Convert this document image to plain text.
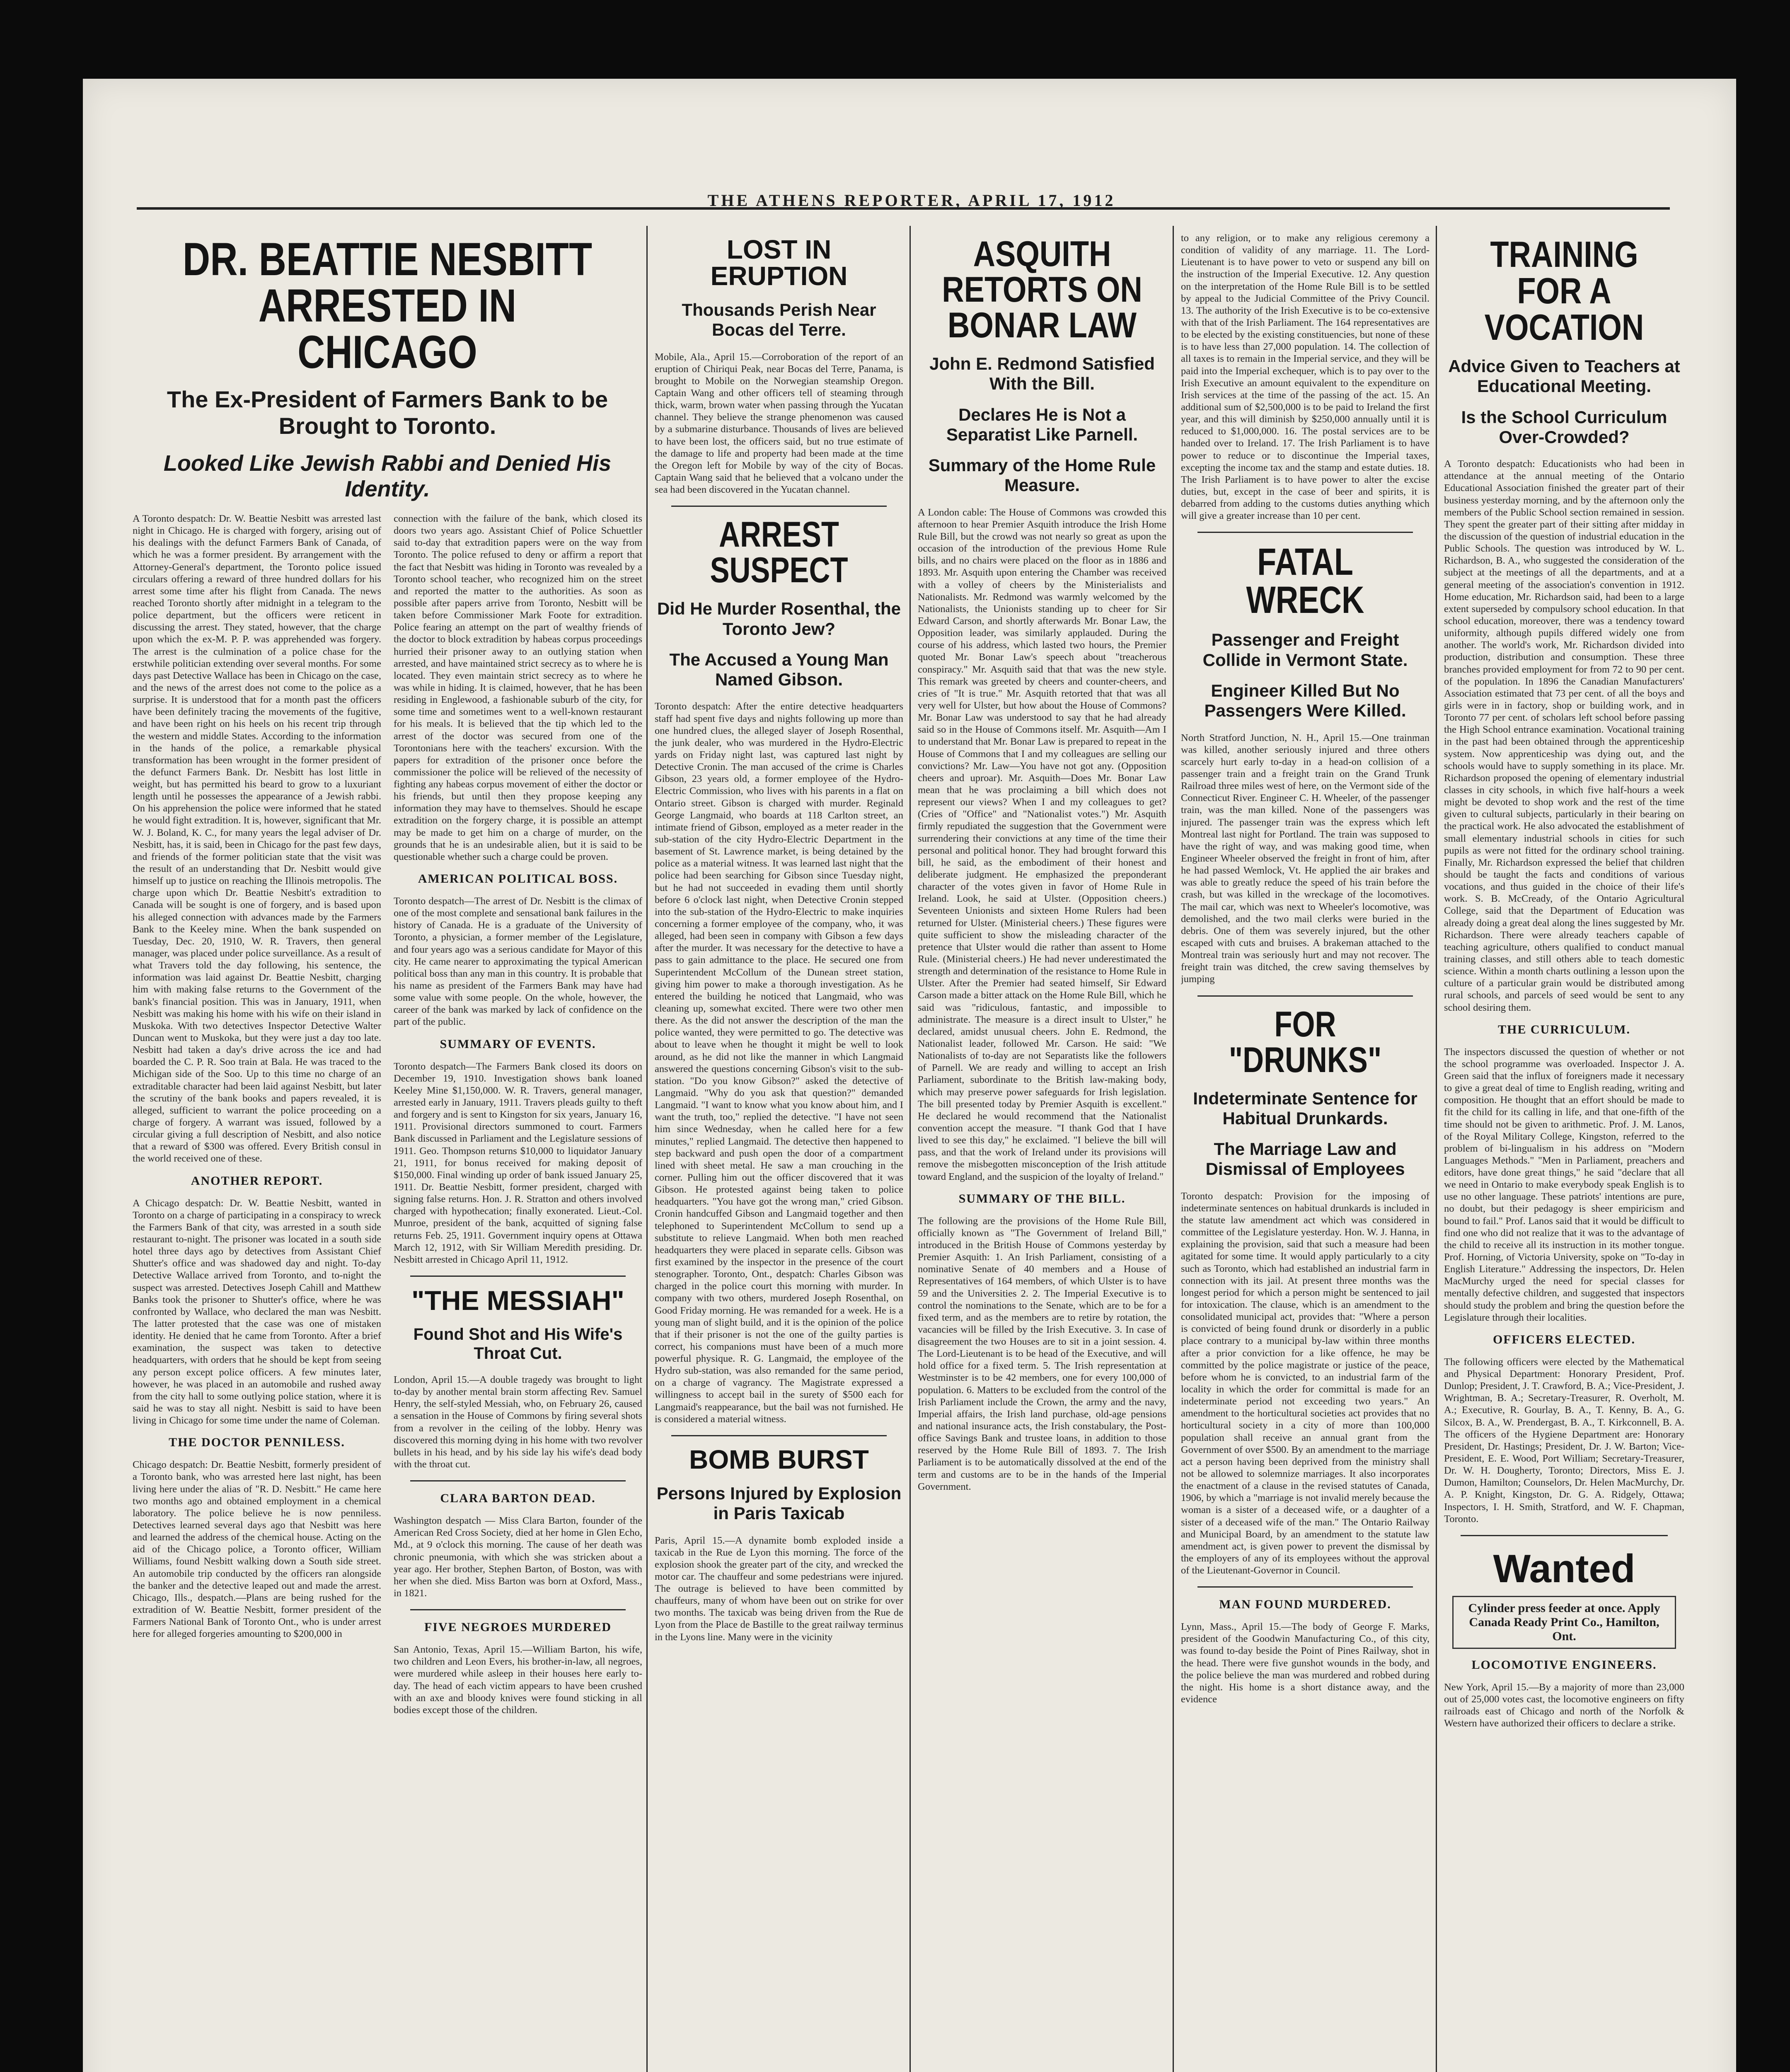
THE ATHENS REPORTER, APRIL 17, 1912
DR. BEATTIE NESBITT ARRESTED IN CHICAGO
The Ex-President of Farmers Bank to be Brought to Toronto.
Looked Like Jewish Rabbi and Denied His Identity.

A Toronto despatch: Dr. W. Beattie Nesbitt was arrested last night in Chicago. He is charged with forgery, arising out of his dealings with the defunct Farmers Bank of Canada, of which he was a former president. By arrangement with the Attorney-General's department, the Toronto police issued circulars offering a reward of three hundred dollars for his arrest some time after his flight from Canada. The news reached Toronto shortly after midnight in a telegram to the police department, but the officers were reticent in discussing the arrest. They stated, however, that the charge upon which the ex-M. P. P. was apprehended was forgery. The arrest is the culmination of a police chase for the erstwhile politician extending over several months. For some days past Detective Wallace has been in Chicago on the case, and the news of the arrest does not come to the police as a surprise. It is understood that for a month past the officers have been definitely tracing the movements of the fugitive, and have been right on his heels on his recent trip through the western and middle States. According to the information in the hands of the police, a remarkable physical transformation has been wrought in the former president of the defunct Farmers Bank. Dr. Nesbitt has lost little in weight, but has permitted his beard to grow to a luxuriant length until he possesses the appearance of a Jewish rabbi. On his apprehension the police were informed that he stated he would fight extradition. It is, however, significant that Mr. W. J. Boland, K. C., for many years the legal adviser of Dr. Nesbitt, has, it is said, been in Chicago for the past few days, and friends of the former politician state that the visit was the result of an understanding that Dr. Nesbitt would give himself up to justice on reaching the Illinois metropolis. The charge upon which Dr. Beattie Nesbitt's extradition to Canada will be sought is one of forgery, and is based upon his alleged connection with advances made by the Farmers Bank to the Keeley mine. When the bank suspended on Tuesday, Dec. 20, 1910, W. R. Travers, then general manager, was placed under police surveillance. As a result of what Travers told the day following, his sentence, the information was laid against Dr. Beattie Nesbitt, charging him with making false returns to the Government of the bank's financial position. This was in January, 1911, when Nesbitt was making his home with his wife on their island in Muskoka. With two detectives Inspector Detective Walter Duncan went to Muskoka, but they were just a day too late. Nesbitt had taken a day's drive across the ice and had boarded the C. P. R. Soo train at Bala. He was traced to the Michigan side of the Soo. Up to this time no charge of an extraditable character had been laid against Nesbitt, but later the scrutiny of the bank books and papers revealed, it is alleged, sufficient to warrant the police proceeding on a charge of forgery. A warrant was issued, followed by a circular giving a full description of Nesbitt, and also notice that a reward of $300 was offered. Every British consul in the world received one of these.

ANOTHER REPORT.

A Chicago despatch: Dr. W. Beattie Nesbitt, wanted in Toronto on a charge of participating in a conspiracy to wreck the Farmers Bank of that city, was arrested in a south side restaurant to-night. The prisoner was located in a south side hotel three days ago by detectives from Assistant Chief Shutter's office and was shadowed day and night. To-day Detective Wallace arrived from Toronto, and to-night the suspect was arrested. Detectives Joseph Cahill and Matthew Banks took the prisoner to Shutter's office, where he was confronted by Wallace, who declared the man was Nesbitt. The latter protested that the case was one of mistaken identity. He denied that he came from Toronto. After a brief examination, the suspect was taken to detective headquarters, with orders that he should be kept from seeing any person except police officers. A few minutes later, however, he was placed in an automobile and rushed away from the city hall to some outlying police station, where it is said he was to stay all night. Nesbitt is said to have been living in Chicago for some time under the name of Coleman.

THE DOCTOR PENNILESS.

Chicago despatch: Dr. Beattie Nesbitt, formerly president of a Toronto bank, who was arrested here last night, has been living here under the alias of "R. D. Nesbitt." He came here two months ago and obtained employment in a chemical laboratory. The police believe he is now penniless. Detectives learned several days ago that Nesbitt was here and learned the address of the chemical house. Acting on the aid of the Chicago police, a Toronto officer, William Williams, found Nesbitt walking down a South side street. An automobile trip conducted by the officers ran alongside the banker and the detective leaped out and made the arrest. Chicago, Ills., despatch.—Plans are being rushed for the extradition of W. Beattie Nesbitt, former president of the Farmers National Bank of Toronto Ont., who is under arrest here for alleged forgeries amounting to $200,000 in

connection with the failure of the bank, which closed its doors two years ago. Assistant Chief of Police Schuettler said to-day that extradition papers were on the way from Toronto. The police refused to deny or affirm a report that the fact that Nesbitt was hiding in Toronto was revealed by a Toronto school teacher, who recognized him on the street and reported the matter to the authorities. As soon as possible after papers arrive from Toronto, Nesbitt will be taken before Commissioner Mark Foote for extradition. Police fearing an attempt on the part of wealthy friends of the doctor to block extradition by habeas corpus proceedings hurried their prisoner away to an outlying station when arrested, and have maintained strict secrecy as to where he is located. They even maintain strict secrecy as to where he was while in hiding. It is claimed, however, that he has been residing in Englewood, a fashionable suburb of the city, for some time and sometimes went to a well-known restaurant for his meals. It is believed that the tip which led to the arrest of the doctor was secured from one of the Torontonians here with the teachers' excursion. With the papers for extradition of the prisoner once before the commissioner the police will be relieved of the necessity of fighting any habeas corpus movement of either the doctor or his friends, but until then they propose keeping any information they may have to themselves. Should he escape extradition on the forgery charge, it is possible an attempt may be made to get him on a charge of murder, on the grounds that he is an undesirable alien, but it is said to be questionable whether such a charge could be proven.

AMERICAN POLITICAL BOSS.

Toronto despatch—The arrest of Dr. Nesbitt is the climax of one of the most complete and sensational bank failures in the history of Canada. He is a graduate of the University of Toronto, a physician, a former member of the Legislature, and four years ago was a serious candidate for Mayor of this city. He came nearer to approximating the typical American political boss than any man in this country. It is probable that his name as president of the Farmers Bank may have had some value with some people. On the whole, however, the career of the bank was marked by lack of confidence on the part of the public.

SUMMARY OF EVENTS.

Toronto despatch—The Farmers Bank closed its doors on December 19, 1910. Investigation shows bank loaned Keeley Mine $1,150,000. W. R. Travers, general manager, arrested early in January, 1911. Travers pleads guilty to theft and forgery and is sent to Kingston for six years, January 16, 1911. Provisional directors summoned to court. Farmers Bank discussed in Parliament and the Legislature sessions of 1911. Geo. Thompson returns $10,000 to liquidator January 21, 1911, for bonus received for making deposit of $150,000. Final winding up order of bank issued January 25, 1911. Dr. Beattie Nesbitt, former president, charged with signing false returns. Hon. J. R. Stratton and others involved charged with hypothecation; finally exonerated. Lieut.-Col. Munroe, president of the bank, acquitted of signing false returns Feb. 25, 1911. Government inquiry opens at Ottawa March 12, 1912, with Sir William Meredith presiding. Dr. Nesbitt arrested in Chicago April 11, 1912.

"THE MESSIAH"
Found Shot and His Wife's Throat Cut.

London, April 15.—A double tragedy was brought to light to-day by another mental brain storm affecting Rev. Samuel Henry, the self-styled Messiah, who, on February 26, caused a sensation in the House of Commons by firing several shots from a revolver in the ceiling of the lobby. Henry was discovered this morning dying in his home with two revolver bullets in his head, and by his side lay his wife's dead body with the throat cut.

CLARA BARTON DEAD.

Washington despatch — Miss Clara Barton, founder of the American Red Cross Society, died at her home in Glen Echo, Md., at 9 o'clock this morning. The cause of her death was chronic pneumonia, with which she was stricken about a year ago. Her brother, Stephen Barton, of Boston, was with her when she died. Miss Barton was born at Oxford, Mass., in 1821.

FIVE NEGROES MURDERED

San Antonio, Texas, April 15.—William Barton, his wife, two children and Leon Evers, his brother-in-law, all negroes, were murdered while asleep in their houses here early to-day. The head of each victim appears to have been crushed with an axe and bloody knives were found sticking in all bodies except those of the children.

LOST IN ERUPTION
Thousands Perish Near Bocas del Terre.

Mobile, Ala., April 15.—Corroboration of the report of an eruption of Chiriqui Peak, near Bocas del Terre, Panama, is brought to Mobile on the Norwegian steamship Oregon. Captain Wang and other officers tell of steaming through thick, warm, brown water when passing through the Yucatan channel. They believe the strange phenomenon was caused by a submarine disturbance. Thousands of lives are believed to have been lost, the officers said, but no true estimate of the damage to life and property had been made at the time the Oregon left for Mobile by way of the city of Bocas. Captain Wang said that he believed that a volcano under the sea had been discovered in the Yucatan channel.

ARREST SUSPECT
Did He Murder Rosenthal, the Toronto Jew?
The Accused a Young Man Named Gibson.

Toronto despatch: After the entire detective headquarters staff had spent five days and nights following up more than one hundred clues, the alleged slayer of Joseph Rosenthal, the junk dealer, who was murdered in the Hydro-Electric yards on Friday night last, was captured last night by Detective Cronin. The man accused of the crime is Charles Gibson, 23 years old, a former employee of the Hydro-Electric Commission, who lives with his parents in a flat on Ontario street. Gibson is charged with murder. Reginald George Langmaid, who boards at 118 Carlton street, an intimate friend of Gibson, employed as a meter reader in the sub-station of the city Hydro-Electric Department in the basement of St. Lawrence market, is being detained by the police as a material witness. It was learned last night that the police had been searching for Gibson since Tuesday night, but he had not succeeded in evading them until shortly before 6 o'clock last night, when Detective Cronin stepped into the sub-station of the Hydro-Electric to make inquiries concerning a former employee of the company, who, it was alleged, had been seen in company with Gibson a few days after the murder. It was necessary for the detective to have a pass to gain admittance to the place. He secured one from Superintendent McCollum of the Dunean street station, giving him power to make a thorough investigation. As he entered the building he noticed that Langmaid, who was cleaning up, somewhat excited. There were two other men there. As the did not answer the description of the man the police wanted, they were permitted to go. The detective was about to leave when he thought it might be well to look around, as he did not like the manner in which Langmaid answered the questions concerning Gibson's visit to the sub-station. "Do you know Gibson?" asked the detective of Langmaid. "Why do you ask that question?" demanded Langmaid. "I want to know what you know about him, and I want the truth, too," replied the detective. "I have not seen him since Wednesday, when he called here for a few minutes," replied Langmaid. The detective then happened to step backward and push open the door of a compartment lined with sheet metal. He saw a man crouching in the corner. Pulling him out the officer discovered that it was Gibson. He protested against being taken to police headquarters. "You have got the wrong man," cried Gibson. Cronin handcuffed Gibson and Langmaid together and then telephoned to Superintendent McCollum to send up a substitute to relieve Langmaid. When both men reached headquarters they were placed in separate cells. Gibson was first examined by the inspector in the presence of the court stenographer. Toronto, Ont., despatch: Charles Gibson was charged in the police court this morning with murder. In company with two others, murdered Joseph Rosenthal, on Good Friday morning. He was remanded for a week. He is a young man of slight build, and it is the opinion of the police that if their prisoner is not the one of the guilty parties is correct, his companions must have been of a much more powerful physique. R. G. Langmaid, the employee of the Hydro sub-station, was also remanded for the same period, on a charge of vagrancy. The Magistrate expressed a willingness to accept bail in the surety of $500 each for Langmaid's reappearance, but the bail was not furnished. He is considered a material witness.

BOMB BURST
Persons Injured by Explosion in Paris Taxicab

Paris, April 15.—A dynamite bomb exploded inside a taxicab in the Rue de Lyon this morning. The force of the explosion shook the greater part of the city, and wrecked the motor car. The chauffeur and some pedestrians were injured. The outrage is believed to have been committed by chauffeurs, many of whom have been out on strike for over two months. The taxicab was being driven from the Rue de Lyon from the Place de Bastille to the great railway terminus in the Lyons line. Many were in the vicinity

ASQUITH RETORTS ON BONAR LAW
John E. Redmond Satisfied With the Bill.
Declares He is Not a Separatist Like Parnell.
Summary of the Home Rule Measure.

A London cable: The House of Commons was crowded this afternoon to hear Premier Asquith introduce the Irish Home Rule Bill, but the crowd was not nearly so great as upon the occasion of the introduction of the previous Home Rule bills, and no chairs were placed on the floor as in 1886 and 1893. Mr. Asquith upon entering the Chamber was received with a volley of cheers by the Ministerialists and Nationalists. Mr. Redmond was warmly welcomed by the Nationalists, the Unionists standing up to cheer for Sir Edward Carson, and shortly afterwards Mr. Bonar Law, the Opposition leader, was similarly applauded. During the course of his address, which lasted two hours, the Premier quoted Mr. Bonar Law's speech about "treacherous conspiracy." Mr. Asquith said that that was the new style. This remark was greeted by cheers and counter-cheers, and cries of "It is true." Mr. Asquith retorted that that was all very well for Ulster, but how about the House of Commons? Mr. Bonar Law was understood to say that he had already said so in the House of Commons itself. Mr. Asquith—Am I to understand that Mr. Bonar Law is prepared to repeat in the House of Commons that I and my colleagues are selling our convictions? Mr. Law—You have not got any. (Opposition cheers and uproar). Mr. Asquith—Does Mr. Bonar Law mean that he was proclaiming a bill which does not represent our views? When I and my colleagues to get? (Cries of "Office" and "Nationalist votes.") Mr. Asquith firmly repudiated the suggestion that the Government were surrendering their convictions at any time of the time their personal and political honor. They had brought forward this bill, he said, as the embodiment of their honest and deliberate judgment. He emphasized the preponderant character of the votes given in favor of Home Rule in Ireland. Look, he said at Ulster. (Opposition cheers.) Seventeen Unionists and sixteen Home Rulers had been returned for Ulster. (Ministerial cheers.) These figures were quite sufficient to show the misleading character of the pretence that Ulster would die rather than assent to Home Rule. (Ministerial cheers.) He had never underestimated the strength and determination of the resistance to Home Rule in Ulster. After the Premier had seated himself, Sir Edward Carson made a bitter attack on the Home Rule Bill, which he said was "ridiculous, fantastic, and impossible to administrate. The measure is a direct insult to Ulster," he declared, amidst unusual cheers. John E. Redmond, the Nationalist leader, followed Mr. Carson. He said: "We Nationalists of to-day are not Separatists like the followers of Parnell. We are ready and willing to accept an Irish Parliament, subordinate to the British law-making body, which may preserve power safeguards for Irish legislation. The bill presented today by Premier Asquith is excellent." He declared he would recommend that the Nationalist convention accept the measure. "I thank God that I have lived to see this day," he exclaimed. "I believe the bill will pass, and that the work of Ireland under its provisions will remove the misbegotten misconception of the Irish attitude toward England, and the suspicion of the loyalty of Ireland."

SUMMARY OF THE BILL.

The following are the provisions of the Home Rule Bill, officially known as "The Government of Ireland Bill," introduced in the British House of Commons yesterday by Premier Asquith: 1. An Irish Parliament, consisting of a nominative Senate of 40 members and a House of Representatives of 164 members, of which Ulster is to have 59 and the Universities 2. 2. The Imperial Executive is to control the nominations to the Senate, which are to be for a fixed term, and as the members are to retire by rotation, the vacancies will be filled by the Irish Executive. 3. In case of disagreement the two Houses are to sit in a joint session. 4. The Lord-Lieutenant is to be head of the Executive, and will hold office for a fixed term. 5. The Irish representation at Westminster is to be 42 members, one for every 100,000 of population. 6. Matters to be excluded from the control of the Irish Parliament include the Crown, the army and the navy, Imperial affairs, the Irish land purchase, old-age pensions and national insurance acts, the Irish constabulary, the Post-office Savings Bank and trustee loans, in addition to those reserved by the Home Rule Bill of 1893. 7. The Irish Parliament is to be automatically dissolved at the end of the term and customs are to be in the hands of the Imperial Government.

to any religion, or to make any religious ceremony a condition of validity of any marriage. 11. The Lord-Lieutenant is to have power to veto or suspend any bill on the instruction of the Imperial Executive. 12. Any question on the interpretation of the Home Rule Bill is to be settled by appeal to the Judicial Committee of the Privy Council. 13. The authority of the Irish Executive is to be co-extensive with that of the Irish Parliament. The 164 representatives are to be elected by the existing constituencies, but none of these is to have less than 27,000 population. 14. The collection of all taxes is to remain in the Imperial service, and they will be paid into the Imperial exchequer, which is to pay over to the Irish Executive an amount equivalent to the expenditure on Irish services at the time of the passing of the act. 15. An additional sum of $2,500,000 is to be paid to Ireland the first year, and this will diminish by $250,000 annually until it is reduced to $1,000,000. 16. The postal services are to be handed over to Ireland. 17. The Irish Parliament is to have power to reduce or to discontinue the Imperial taxes, excepting the income tax and the stamp and estate duties. 18. The Irish Parliament is to have power to alter the excise duties, but, except in the case of beer and spirits, it is debarred from adding to the customs duties anything which will give a greater increase than 10 per cent.

FATAL WRECK
Passenger and Freight Collide in Vermont State.
Engineer Killed But No Passengers Were Killed.

North Stratford Junction, N. H., April 15.—One trainman was killed, another seriously injured and three others scarcely hurt early to-day in a head-on collision of a passenger train and a freight train on the Grand Trunk Railroad three miles west of here, on the Vermont side of the Connecticut River. Engineer C. H. Wheeler, of the passenger train, was the man killed. None of the passengers was injured. The passenger train was the express which left Montreal last night for Portland. The train was supposed to have the right of way, and was making good time, when Engineer Wheeler observed the freight in front of him, after he had passed Wemlock, Vt. He applied the air brakes and was able to greatly reduce the speed of his train before the crash, but was killed in the wreckage of the locomotives. The mail car, which was next to Wheeler's locomotive, was demolished, and the two mail clerks were buried in the debris. One of them was severely injured, but the other escaped with cuts and bruises. A brakeman attached to the Montreal train was seriously hurt and may not recover. The freight train was ditched, the crew saving themselves by jumping

FOR "DRUNKS"
Indeterminate Sentence for Habitual Drunkards.
The Marriage Law and Dismissal of Employees

Toronto despatch: Provision for the imposing of indeterminate sentences on habitual drunkards is included in the statute law amendment act which was considered in committee of the Legislature yesterday. Hon. W. J. Hanna, in explaining the provision, said that such a measure had been agitated for some time. It would apply particularly to a city such as Toronto, which had established an industrial farm in connection with its jail. At present three months was the longest period for which a person might be sentenced to jail for intoxication. The clause, which is an amendment to the consolidated municipal act, provides that: "Where a person is convicted of being found drunk or disorderly in a public place contrary to a municipal by-law within three months after a prior conviction for a like offence, he may be committed by the police magistrate or justice of the peace, before whom he is convicted, to an industrial farm of the locality in which the order for committal is made for an indeterminate period not exceeding two years." An amendment to the horticultural societies act provides that no horticultural society in a city of more than 100,000 population shall receive an annual grant from the Government of over $500. By an amendment to the marriage act a person having been deprived from the ministry shall not be allowed to solemnize marriages. It also incorporates the enactment of a clause in the revised statutes of Canada, 1906, by which a "marriage is not invalid merely because the woman is a sister of a deceased wife, or a daughter of a sister of a deceased wife of the man." The Ontario Railway and Municipal Board, by an amendment to the statute law amendment act, is given power to prevent the dismissal by the employers of any of its employees without the approval of the Lieutenant-Governor in Council.

MAN FOUND MURDERED.

Lynn, Mass., April 15.—The body of George F. Marks, president of the Goodwin Manufacturing Co., of this city, was found to-day beside the Point of Pines Railway, shot in the head. There were five gunshot wounds in the body, and the police believe the man was murdered and robbed during the night. His home is a short distance away, and the evidence

TRAINING FOR A VOCATION
Advice Given to Teachers at Educational Meeting.
Is the School Curriculum Over-Crowded?

A Toronto despatch: Educationists who had been in attendance at the annual meeting of the Ontario Educational Association finished the greater part of their business yesterday morning, and by the afternoon only the members of the Public School section remained in session. They spent the greater part of their sitting after midday in the discussion of the question of industrial education in the Public Schools. The question was introduced by W. L. Richardson, B. A., who suggested the consideration of the subject at the meetings of all the departments, and at a general meeting of the association's convention in 1912. Home education, Mr. Richardson said, had been to a large extent superseded by compulsory school education. In that school education, moreover, there was a tendency toward uniformity, although pupils differed widely one from another. The world's work, Mr. Richardson divided into production, distribution and consumption. These three branches provided employment for from 72 to 90 per cent. of the population. In 1896 the Canadian Manufacturers' Association estimated that 73 per cent. of all the boys and girls were in in factory, shop or building work, and in Toronto 77 per cent. of scholars left school before passing the High School entrance examination. Vocational training in the past had been obtained through the apprenticeship system. Now apprenticeship was dying out, and the schools would have to supply something in its place. Mr. Richardson proposed the opening of elementary industrial classes in city schools, in which five half-hours a week might be devoted to shop work and the rest of the time given to cultural subjects, particularly in their bearing on the practical work. He also advocated the establishment of small elementary industrial schools in cities for such pupils as were not fitted for the ordinary school training. Finally, Mr. Richardson expressed the belief that children should be taught the facts and conditions of various vocations, and thus guided in the choice of their life's work. S. B. McCready, of the Ontario Agricultural College, said that the Department of Education was already doing a great deal along the lines suggested by Mr. Richardson. There were already teachers capable of teaching agriculture, others qualified to conduct manual training classes, and still others able to teach domestic science. Within a month charts outlining a lesson upon the culture of a particular grain would be distributed among rural schools, and parcels of seed would be sent to any school desiring them.

THE CURRICULUM.

The inspectors discussed the question of whether or not the school programme was overloaded. Inspector J. A. Green said that the influx of foreigners made it necessary to give a great deal of time to English reading, writing and composition. He thought that an effort should be made to fit the child for its calling in life, and that one-fifth of the time should not be given to arithmetic. Prof. J. M. Lanos, of the Royal Military College, Kingston, referred to the problem of bi-lingualism in his address on "Modern Languages Methods." "Men in Parliament, preachers and editors, have done great things," he said "declare that all we need in Ontario to make everybody speak English is to use no other language. These patriots' intentions are pure, no doubt, but their pedagogy is sheer empiricism and bound to fail." Prof. Lanos said that it would be difficult to find one who did not realize that it was to the advantage of the child to receive all its instruction in its mother tongue. Prof. Horning, of Victoria University, spoke on "To-day in English Literature." Addressing the inspectors, Dr. Helen MacMurchy urged the need for special classes for mentally defective children, and suggested that inspectors should study the problem and bring the question before the Legislature through their localities.

OFFICERS ELECTED.

The following officers were elected by the Mathematical and Physical Department: Honorary President, Prof. Dunlop; President, J. T. Crawford, B. A.; Vice-President, J. Wrightman, B. A.; Secretary-Treasurer, R. Overholt, M. A.; Executive, R. Gourlay, B. A., T. Kenny, B. A., G. Silcox, B. A., W. Prendergast, B. A., T. Kirkconnell, B. A. The officers of the Hygiene Department are: Honorary President, Dr. Hastings; President, Dr. J. W. Barton; Vice-President, E. E. Wood, Port William; Secretary-Treasurer, Dr. W. H. Dougherty, Toronto; Directors, Miss E. J. Dumon, Hamilton; Counselors, Dr. Helen MacMurchy, Dr. A. P. Knight, Kingston, Dr. G. A. Ridgely, Ottawa; Inspectors, I. H. Smith, Stratford, and W. F. Chapman, Toronto.

Wanted
Cylinder press feeder at once. Apply Canada Ready Print Co., Hamilton, Ont.
LOCOMOTIVE ENGINEERS.

New York, April 15.—By a majority of more than 23,000 out of 25,000 votes cast, the locomotive engineers on fifty railroads east of Chicago and north of the Norfolk & Western have authorized their officers to declare a strike.
